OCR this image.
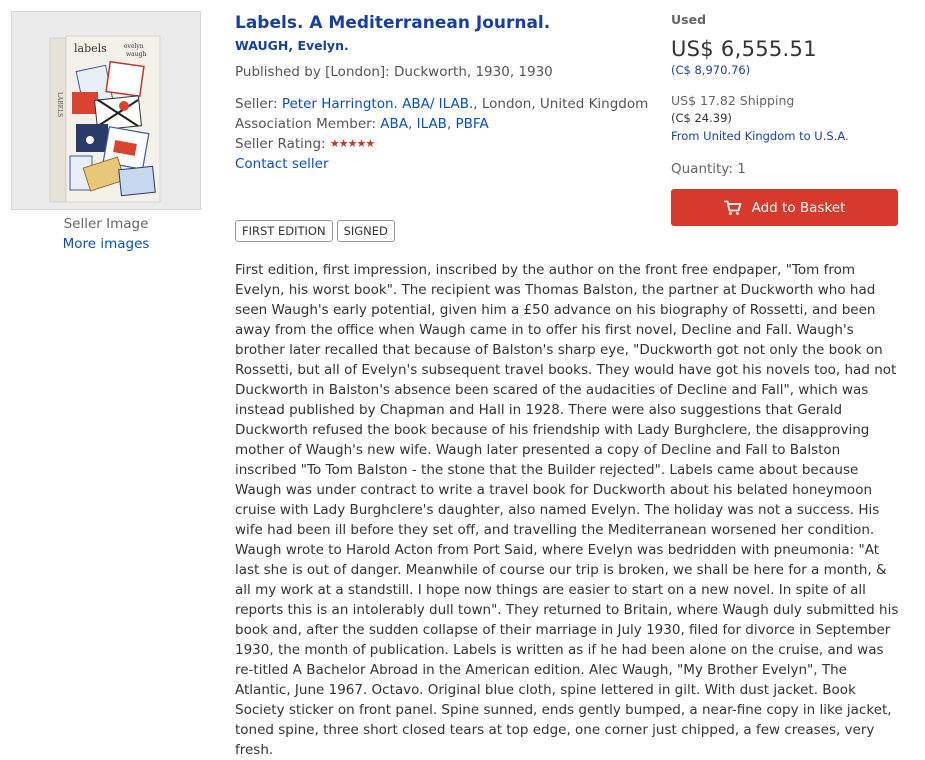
LABELS
labels	evelyn
waugh
Seller Image
More images
Labels. A Mediterranean Journal.
WAUGH, Evelyn.
Published by [London]: Duckworth, 1930, 1930
Seller: Peter Harrington. ABA/ ILAB., London, United Kingdom
Association Member: ABA, ILAB, PBFA
Seller Rating: ★★★★★
Contact seller
FIRST EDITION	SIGNED
Used
US$ 6,555.51
(C$ 8,970.76)
US$ 17.82 Shipping
(C$ 24.39)
From United Kingdom to U.S.A.
Quantity: 1
Add to Basket
First edition, first impression, inscribed by the author on the front free endpaper, "Tom from Evelyn, his worst book". The recipient was Thomas Balston, the partner at Duckworth who had seen Waugh's early potential, given him a £50 advance on his biography of Rossetti, and been away from the office when Waugh came in to offer his first novel, Decline and Fall. Waugh's brother later recalled that because of Balston's sharp eye, "Duckworth got not only the book on Rossetti, but all of Evelyn's subsequent travel books. They would have got his novels too, had not Duckworth in Balston's absence been scared of the audacities of Decline and Fall", which was instead published by Chapman and Hall in 1928. There were also suggestions that Gerald Duckworth refused the book because of his friendship with Lady Burghclere, the disapproving mother of Waugh's new wife. Waugh later presented a copy of Decline and Fall to Balston inscribed "To Tom Balston - the stone that the Builder rejected". Labels came about because Waugh was under contract to write a travel book for Duckworth about his belated honeymoon cruise with Lady Burghclere's daughter, also named Evelyn. The holiday was not a success. His wife had been ill before they set off, and travelling the Mediterranean worsened her condition. Waugh wrote to Harold Acton from Port Said, where Evelyn was bedridden with pneumonia: "At last she is out of danger. Meanwhile of course our trip is broken, we shall be here for a month, & all my work at a standstill. I hope now things are easier to start on a new novel. In spite of all reports this is an intolerably dull town". They returned to Britain, where Waugh duly submitted his book and, after the sudden collapse of their marriage in July 1930, filed for divorce in September 1930, the month of publication. Labels is written as if he had been alone on the cruise, and was re-titled A Bachelor Abroad in the American edition. Alec Waugh, "My Brother Evelyn", The Atlantic, June 1967. Octavo. Original blue cloth, spine lettered in gilt. With dust jacket. Book Society sticker on front panel. Spine sunned, ends gently bumped, a near-fine copy in like jacket, toned spine, three short closed tears at top edge, one corner just chipped, a few creases, very fresh.
